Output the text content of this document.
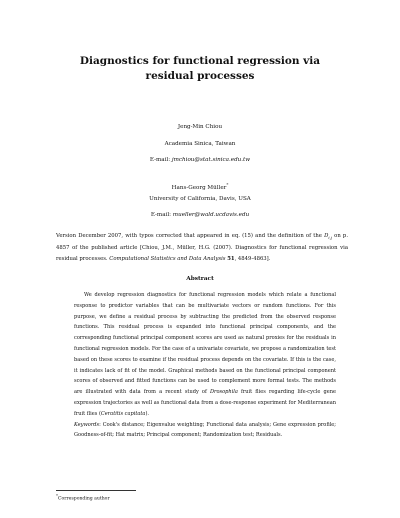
Diagnostics for functional regression via residual processes
Jeng-Min Chiou
Academia Sinica, Taiwan
E-mail: jmchiou@stat.sinica.edu.tw
Hans-Georg Müller*
University of California, Davis, USA
E-mail: mueller@wald.ucdavis.edu
Version December 2007, with typos corrected that appeared in eq. (15) and the definition of the $D_{i,j}$ on p. 4857 of the published article [Chiou, J.M., Müller, H.G. (2007). Diagnostics for functional regression via residual processes. Computational Statistics and Data Analysis 51, 4849-4863].
Abstract

We develop regression diagnostics for functional regression models which relate a functional response to predictor variables that can be multivariate vectors or random functions. For this purpose, we define a residual process by subtracting the predicted from the observed response functions. This residual process is expanded into functional principal components, and the corresponding functional principal component scores are used as natural proxies for the residuals in functional regression models. For the case of a univariate covariate, we propose a randomization test based on these scores to examine if the residual process depends on the covariate. If this is the case, it indicates lack of fit of the model. Graphical methods based on the functional principal component scores of observed and fitted functions can be used to complement more formal tests. The methods are illustrated with data from a recent study of Drosophila fruit flies regarding life-cycle gene expression trajectories as well as functional data from a dose-response experiment for Mediterranean fruit flies (Ceratitis capitata).

Keywords: Cook's distance; Eigenvalue weighting; Functional data analysis; Gene expression profile; Goodness-of-fit; Hat matrix; Principal component; Randomization test; Residuals.
*Corresponding author
